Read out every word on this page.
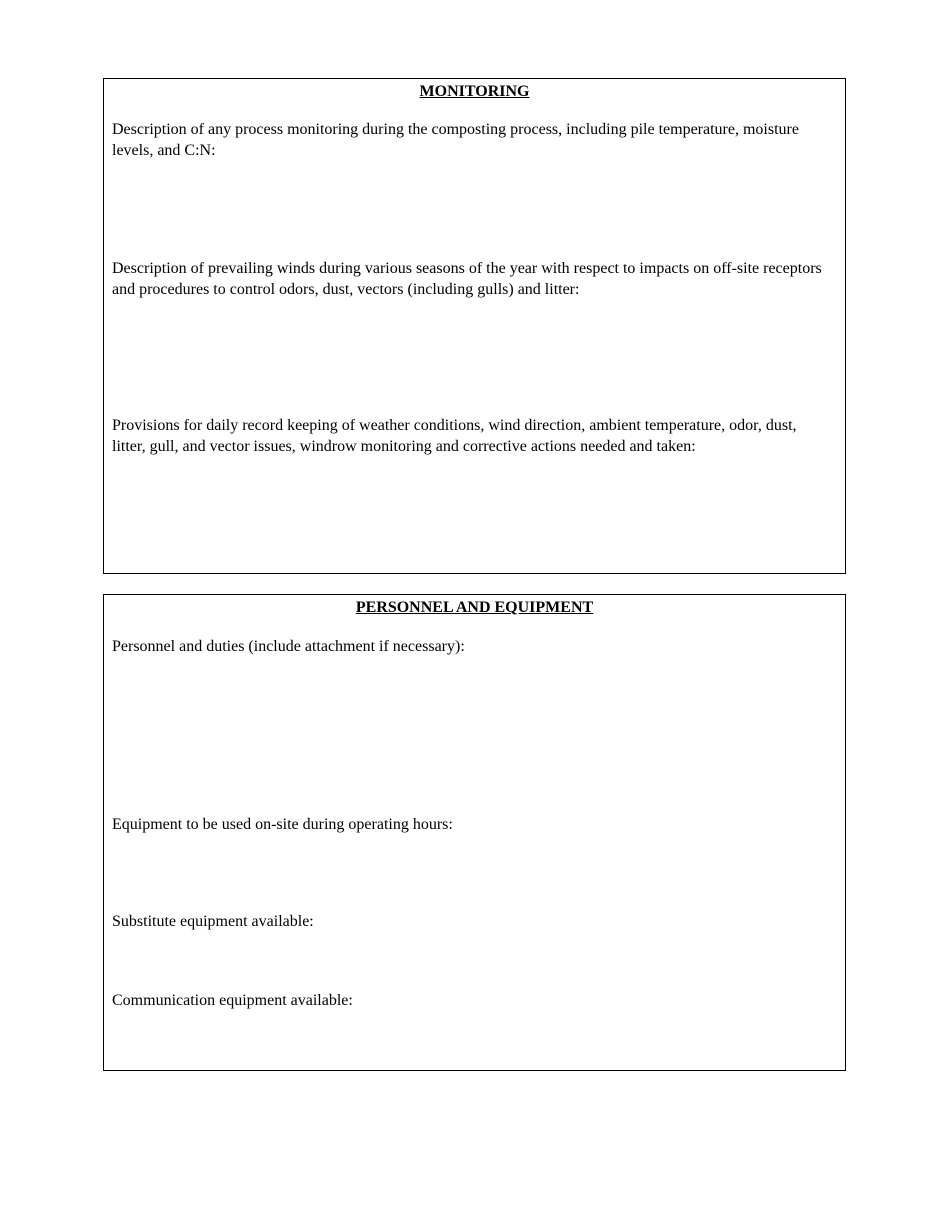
MONITORING
Description of any process monitoring during the composting process, including pile temperature, moisture levels, and C:N:
Description of prevailing winds during various seasons of the year with respect to impacts on off-site receptors and procedures to control odors, dust, vectors (including gulls) and litter:
Provisions for daily record keeping of weather conditions, wind direction, ambient temperature, odor, dust, litter, gull, and vector issues, windrow monitoring and corrective actions needed and taken:
PERSONNEL AND EQUIPMENT
Personnel and duties (include attachment if necessary):
Equipment to be used on-site during operating hours:
Substitute equipment available:
Communication equipment available:
